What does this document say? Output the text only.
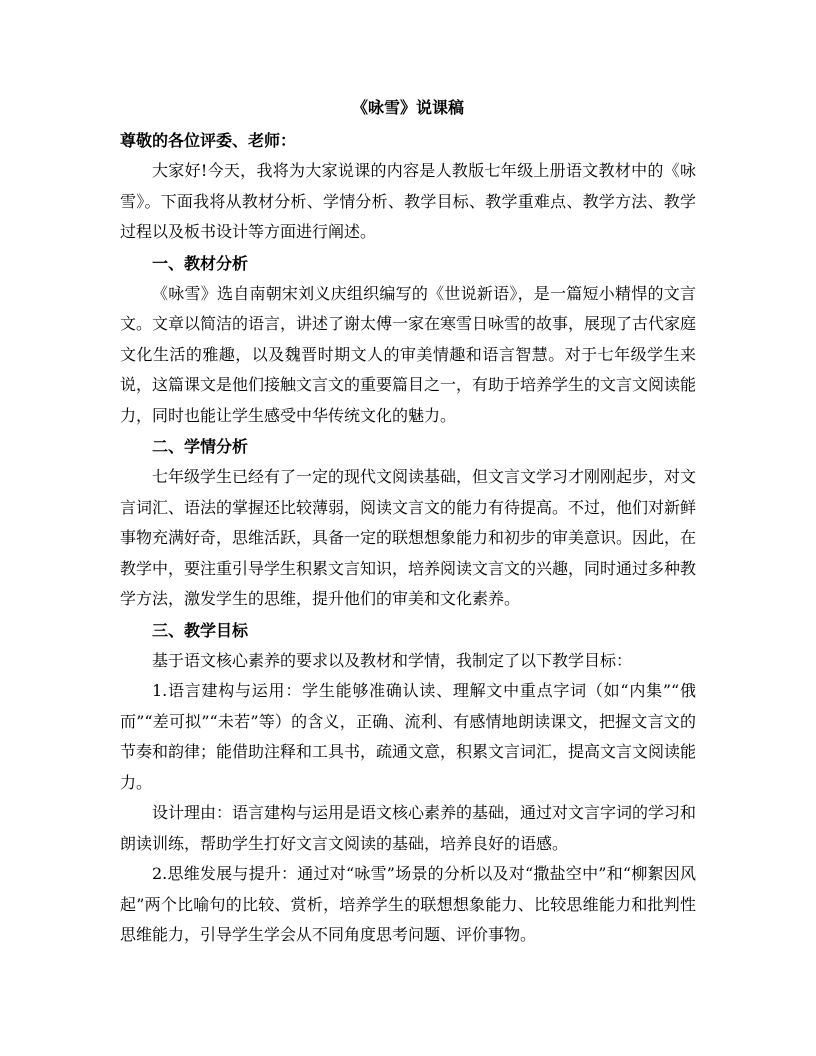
《咏雪》说课稿

尊敬的各位评委、老师：

大家好!今天，我将为大家说课的内容是人教版七年级上册语文教材中的《咏雪》。下面我将从教材分析、学情分析、教学目标、教学重难点、教学方法、教学过程以及板书设计等方面进行阐述。

一、教材分析

《咏雪》选自南朝宋刘义庆组织编写的《世说新语》，是一篇短小精悍的文言文。文章以简洁的语言，讲述了谢太傅一家在寒雪日咏雪的故事，展现了古代家庭文化生活的雅趣，以及魏晋时期文人的审美情趣和语言智慧。对于七年级学生来说，这篇课文是他们接触文言文的重要篇目之一，有助于培养学生的文言文阅读能力，同时也能让学生感受中华传统文化的魅力。

二、学情分析

七年级学生已经有了一定的现代文阅读基础，但文言文学习才刚刚起步，对文言词汇、语法的掌握还比较薄弱，阅读文言文的能力有待提高。不过，他们对新鲜事物充满好奇，思维活跃，具备一定的联想想象能力和初步的审美意识。因此，在教学中，要注重引导学生积累文言知识，培养阅读文言文的兴趣，同时通过多种教学方法，激发学生的思维，提升他们的审美和文化素养。

三、教学目标

基于语文核心素养的要求以及教材和学情，我制定了以下教学目标：

1.语言建构与运用：学生能够准确认读、理解文中重点字词（如“内集”“俄而”“差可拟”“未若”等）的含义，正确、流利、有感情地朗读课文，把握文言文的节奏和韵律；能借助注释和工具书，疏通文意，积累文言词汇，提高文言文阅读能力。

设计理由：语言建构与运用是语文核心素养的基础，通过对文言字词的学习和朗读训练，帮助学生打好文言文阅读的基础，培养良好的语感。

2.思维发展与提升：通过对“咏雪”场景的分析以及对“撒盐空中”和“柳絮因风起”两个比喻句的比较、赏析，培养学生的联想想象能力、比较思维能力和批判性思维能力，引导学生学会从不同角度思考问题、评价事物。
